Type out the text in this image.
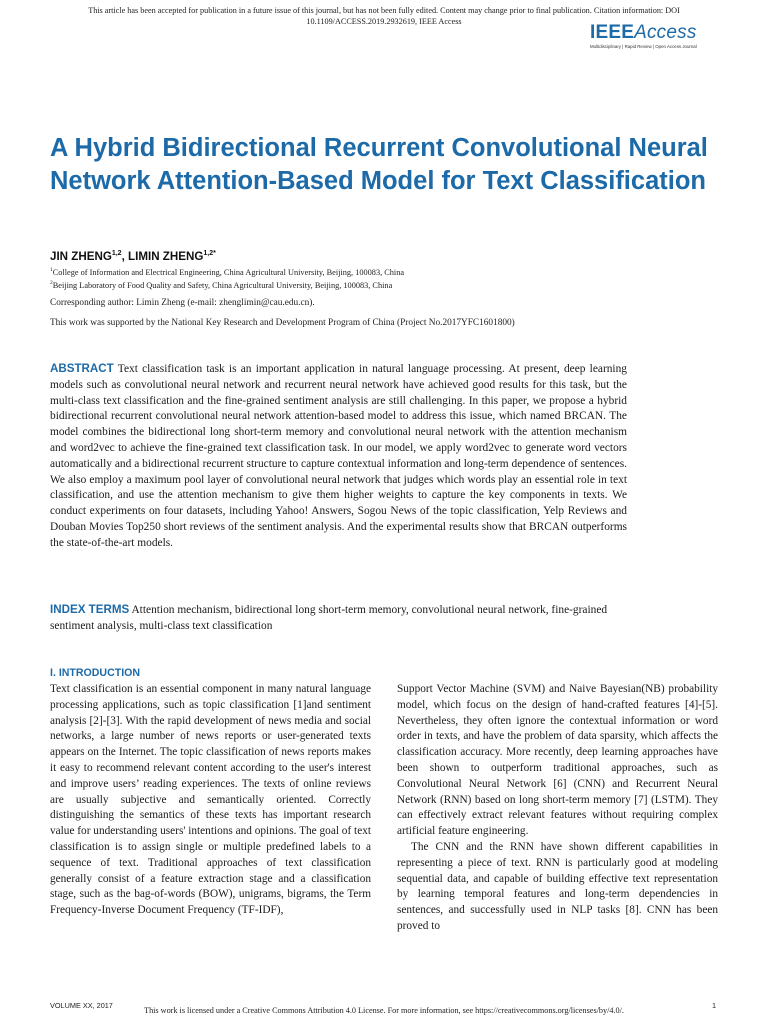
This article has been accepted for publication in a future issue of this journal, but has not been fully edited. Content may change prior to final publication. Citation information: DOI
10.1109/ACCESS.2019.2932619, IEEE Access
IEEEAccess
Multidisciplinary | Rapid Review | Open Access Journal
A Hybrid Bidirectional Recurrent Convolutional Neural Network Attention-Based Model for Text Classification
JIN ZHENG$^{1,2}$, LIMIN $ZHENG^{1,2*}$
$^1$College of Information and Electrical Engineering, China Agricultural University, Beijing, 100083, China
$^2$Beijing Laboratory of Food Quality and Safety, China Agricultural University, Beijing, 100083, China
Corresponding author: Limin Zheng (e-mail: zhenglimin@cau.edu.cn).
This work was supported by the National Key Research and Development Program of China (Project No.2017YFC1601800)

ABSTRACT Text classification task is an important application in natural language processing. At present, deep learning models such as convolutional neural network and recurrent neural network have achieved good results for this task, but the multi-class text classification and the fine-grained sentiment analysis are still challenging. In this paper, we propose a hybrid bidirectional recurrent convolutional neural network attention-based model to address this issue, which named BRCAN. The model combines the bidirectional long short-term memory and convolutional neural network with the attention mechanism and word2vec to achieve the fine-grained text classification task. In our model, we apply word2vec to generate word vectors automatically and a bidirectional recurrent structure to capture contextual information and long-term dependence of sentences. We also employ a maximum pool layer of convolutional neural network that judges which words play an essential role in text classification, and use the attention mechanism to give them higher weights to capture the key components in texts. We conduct experiments on four datasets, including Yahoo! Answers, Sogou News of the topic classification, Yelp Reviews and Douban Movies Top250 short reviews of the sentiment analysis. And the experimental results show that BRCAN outperforms the state-of-the-art models.

INDEX TERMS Attention mechanism, bidirectional long short-term memory, convolutional neural network, fine-grained sentiment analysis, multi-class text classification

I. INTRODUCTION

Text classification is an essential component in many natural language processing applications, such as topic classification [1]and sentiment analysis [2]-[3]. With the rapid development of news media and social networks, a large number of news reports or user-generated texts appears on the Internet. The topic classification of news reports makes it easy to recommend relevant content according to the user's interest and improve users’ reading experiences. The texts of online reviews are usually subjective and semantically oriented. Correctly distinguishing the semantics of these texts has important research value for understanding users' intentions and opinions. The goal of text classification is to assign single or multiple predefined labels to a sequence of text. Traditional approaches of text classification generally consist of a feature extraction stage and a classification stage, such as the bag-of-words (BOW), unigrams, bigrams, the Term Frequency-Inverse Document Frequency (TF-IDF),

Support Vector Machine (SVM) and Naive Bayesian(NB) probability model, which focus on the design of hand-crafted features [4]-[5]. Nevertheless, they often ignore the contextual information or word order in texts, and have the problem of data sparsity, which affects the classification accuracy. More recently, deep learning approaches have been shown to outperform traditional approaches, such as Convolutional Neural Network [6] (CNN) and Recurrent Neural Network (RNN) based on long short-term memory [7] (LSTM). They can effectively extract relevant features without requiring complex artificial feature engineering.

The CNN and the RNN have shown different capabilities in representing a piece of text. RNN is particularly good at modeling sequential data, and capable of building effective text representation by learning temporal features and long-term dependencies in sentences, and successfully used in NLP tasks [8]. CNN has been proved to

VOLUME XX, 2017	1
This work is licensed under a Creative Commons Attribution 4.0 License. For more information, see https://creativecommons.org/licenses/by/4.0/.
